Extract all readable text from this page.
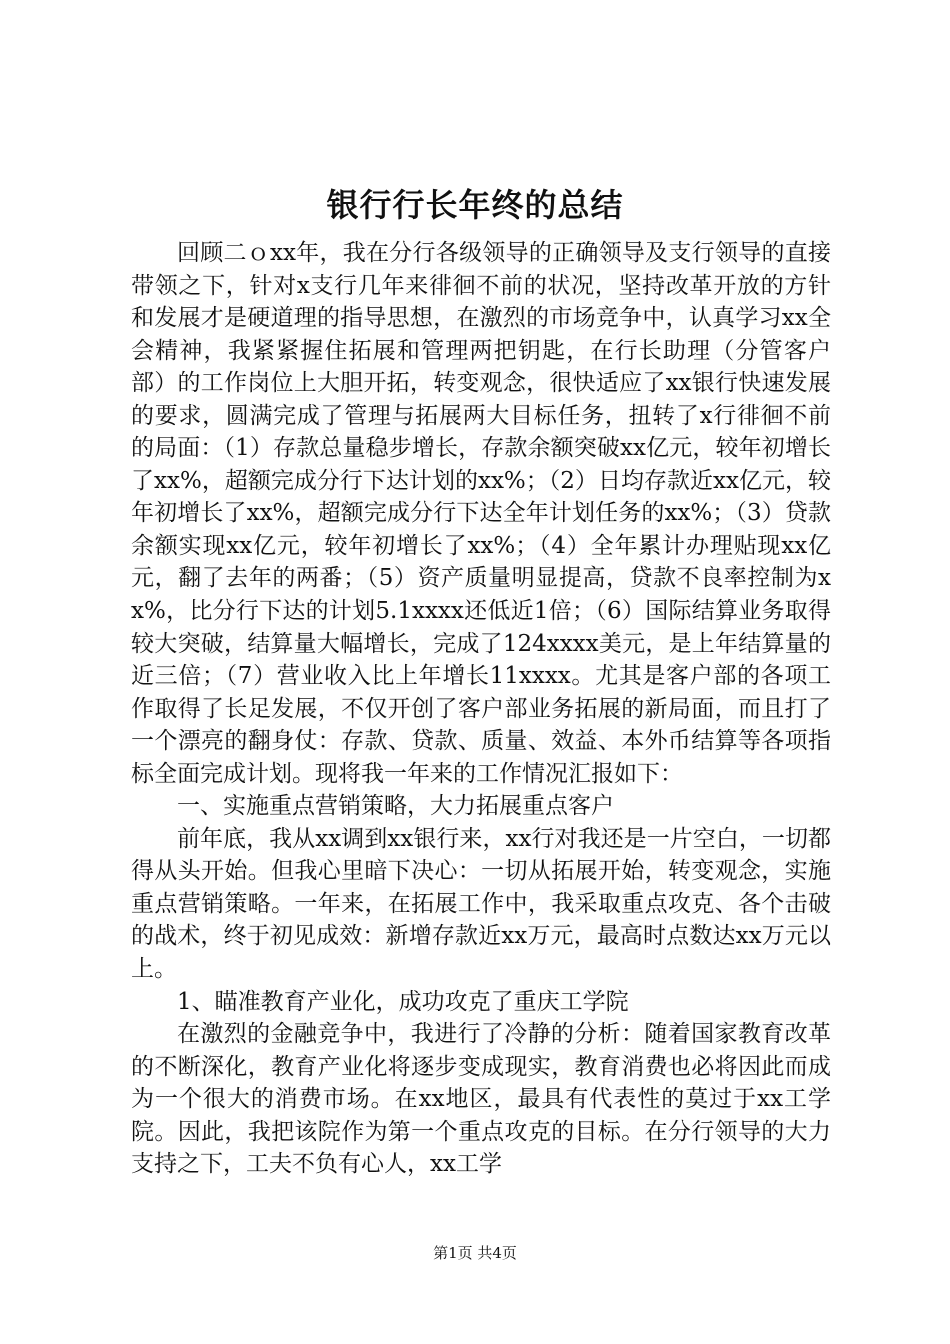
银行行长年终的总结

回顾二ｏxx年，我在分行各级领导的正确领导及支行领导的直接带领之下，针对x支行几年来徘徊不前的状况，坚持改革开放的方针和发展才是硬道理的指导思想，在激烈的市场竞争中，认真学习xx全会精神，我紧紧握住拓展和管理两把钥匙，在行长助理（分管客户部）的工作岗位上大胆开拓，转变观念，很快适应了xx银行快速发展的要求，圆满完成了管理与拓展两大目标任务，扭转了x行徘徊不前的局面：（1）存款总量稳步增长，存款余额突破xx亿元，较年初增长了xx%，超额完成分行下达计划的xx%；（2）日均存款近xx亿元，较年初增长了xx%，超额完成分行下达全年计划任务的xx%；（3）贷款余额实现xx亿元，较年初增长了xx%；（4）全年累计办理贴现xx亿元，翻了去年的两番；（5）资产质量明显提高，贷款不良率控制为xx%，比分行下达的计划5.1xxxx还低近1倍；（6）国际结算业务取得较大突破，结算量大幅增长，完成了124xxxx美元，是上年结算量的近三倍；（7）营业收入比上年增长11xxxx。尤其是客户部的各项工作取得了长足发展，不仅开创了客户部业务拓展的新局面，而且打了一个漂亮的翻身仗：存款、贷款、质量、效益、本外币结算等各项指标全面完成计划。现将我一年来的工作情况汇报如下：

一、实施重点营销策略，大力拓展重点客户

前年底，我从xx调到xx银行来，xx行对我还是一片空白，一切都得从头开始。但我心里暗下决心：一切从拓展开始，转变观念，实施重点营销策略。一年来，在拓展工作中，我采取重点攻克、各个击破的战术，终于初见成效：新增存款近xx万元，最高时点数达xx万元以上。

1、瞄准教育产业化，成功攻克了重庆工学院

在激烈的金融竞争中，我进行了冷静的分析：随着国家教育改革的不断深化，教育产业化将逐步变成现实，教育消费也必将因此而成为一个很大的消费市场。在xx地区，最具有代表性的莫过于xx工学院。因此，我把该院作为第一个重点攻克的目标。在分行领导的大力支持之下，工夫不负有心人，xx工学

第1页 共4页
